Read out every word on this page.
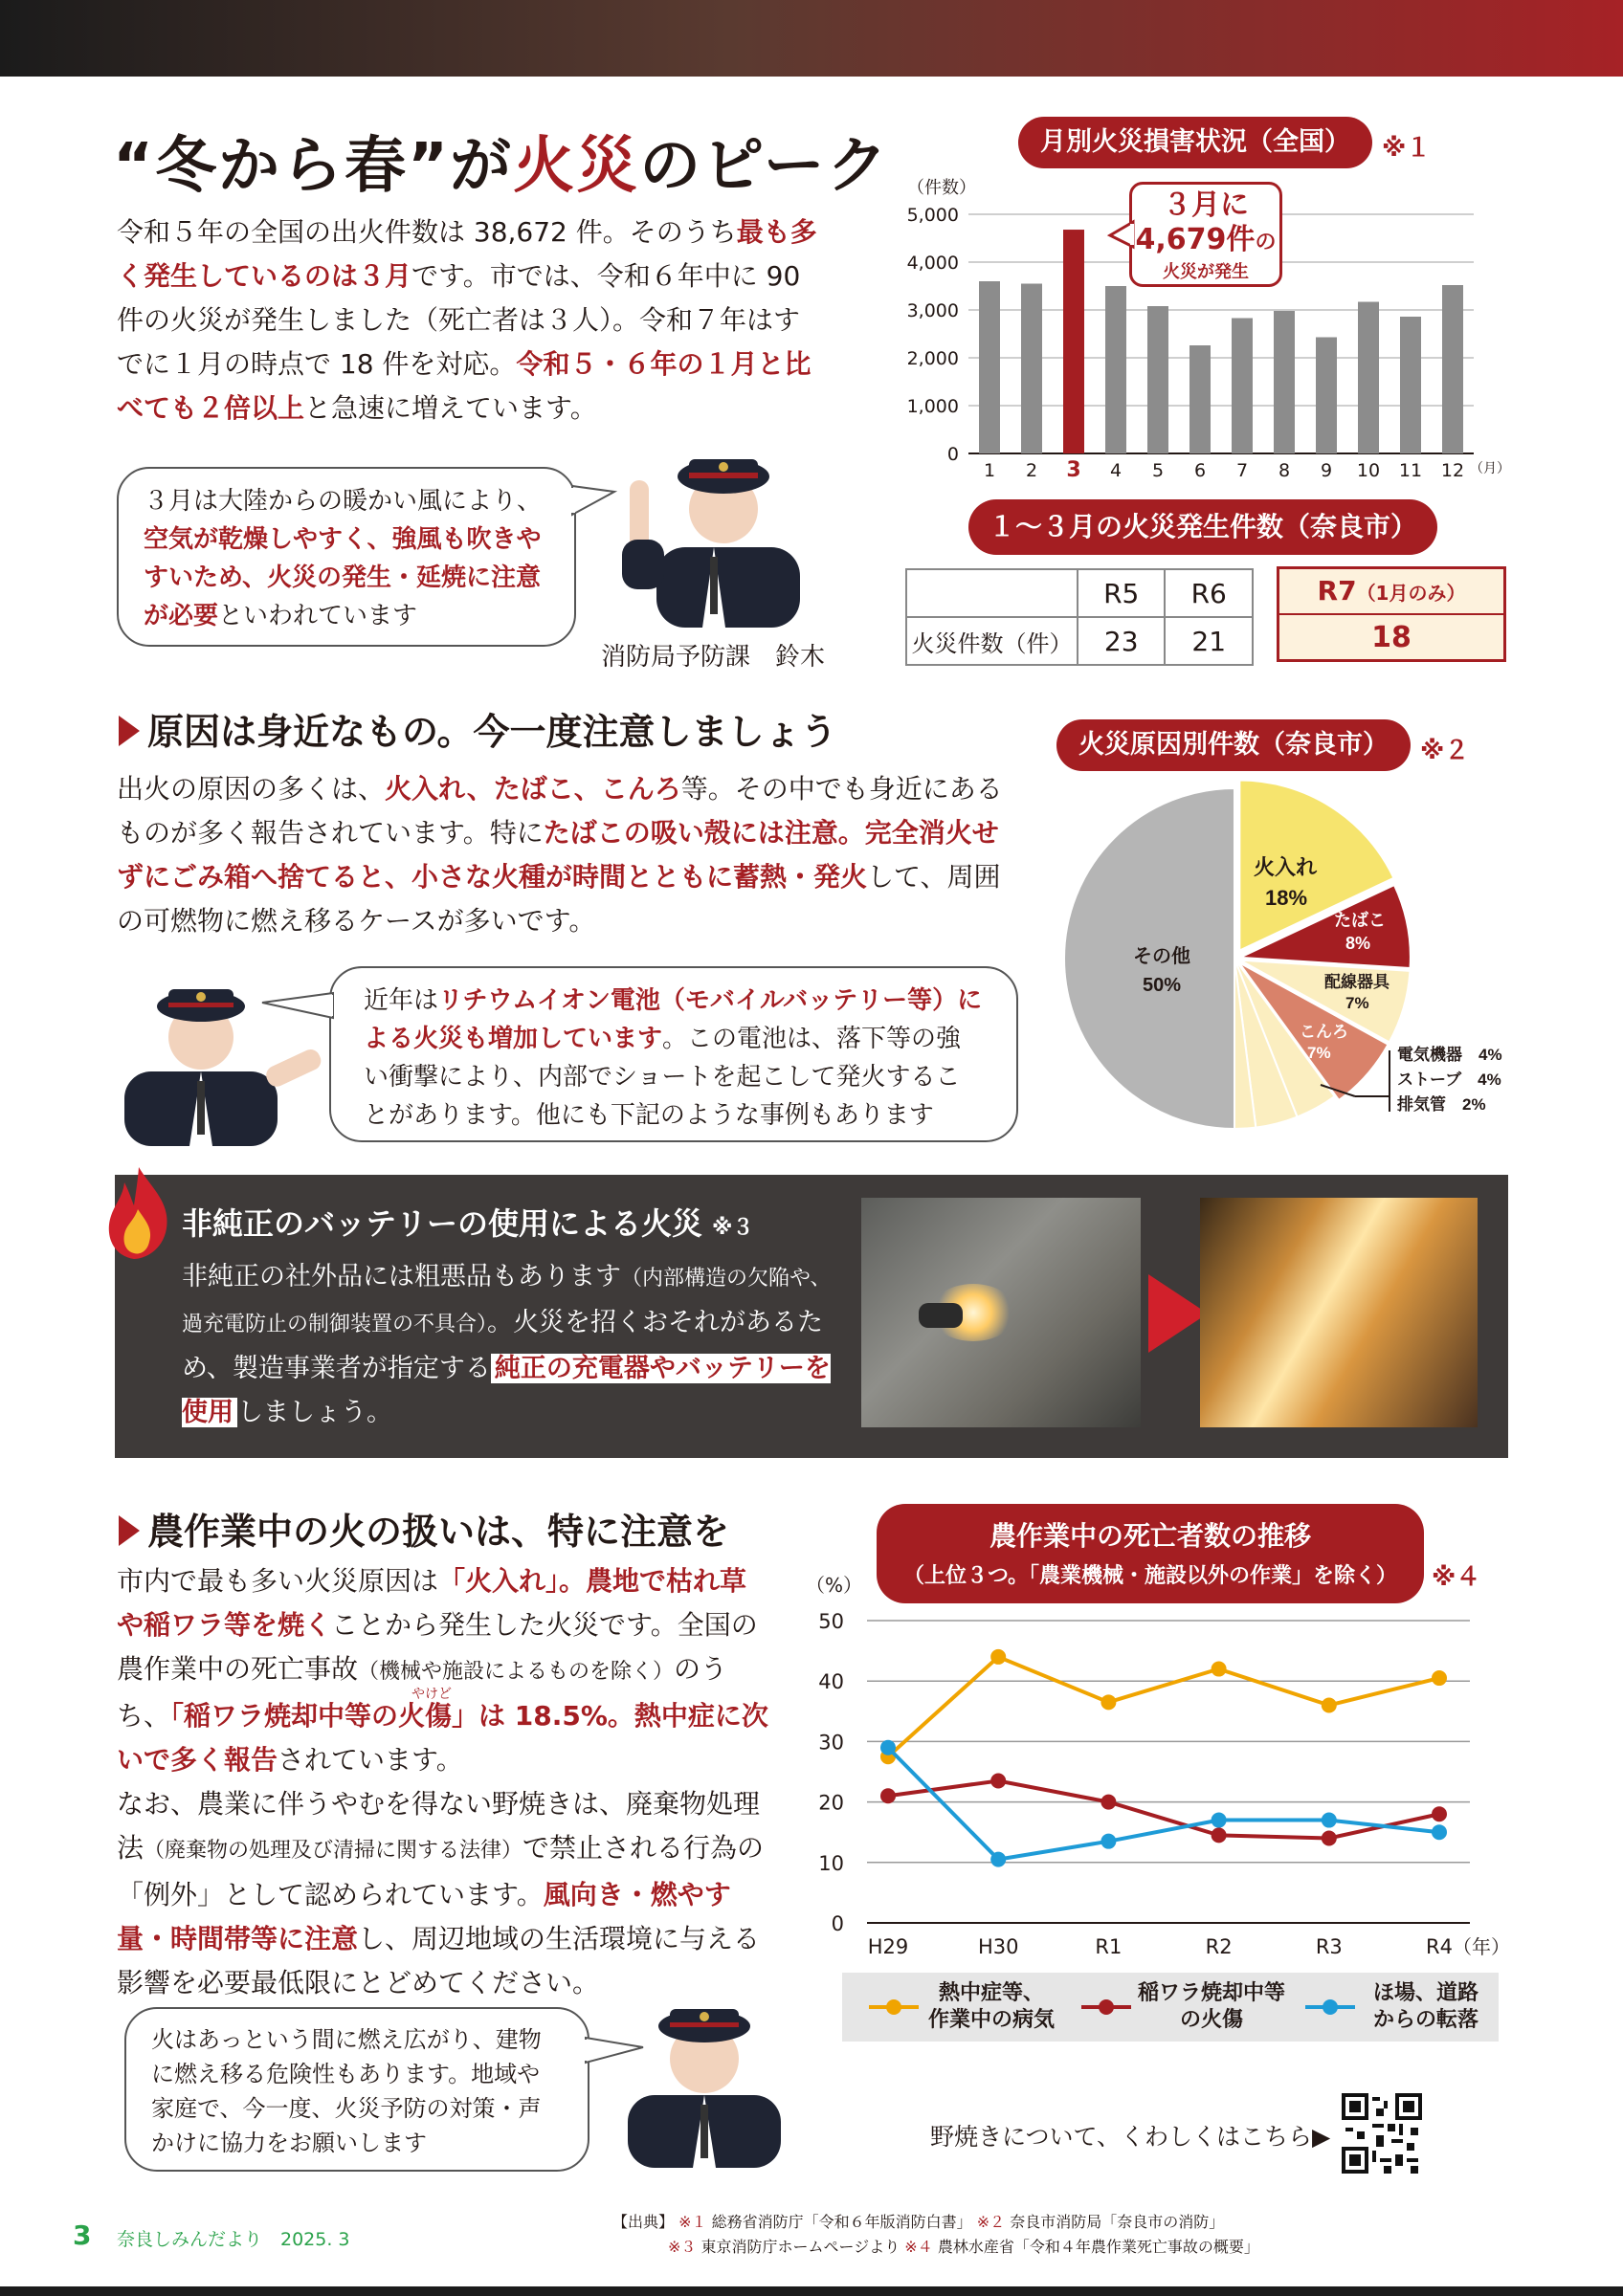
“冬から春”が火災のピーク
令和５年の全国の出火件数は 38,672 件。そのうち最も多く発生しているのは３月です。市では、令和６年中に 90 件の火災が発生しました（死亡者は３人）。令和７年はすでに１月の時点で 18 件を対応。令和５・６年の１月と比べても２倍以上と急速に増えています。
３月は大陸からの暖かい風により、空気が乾燥しやすく、強風も吹きやすいため、火災の発生・延焼に注意が必要といわれています
消防局予防課　鈴木
月別火災損害状況（全国）	※１
（件数）
0
1,000
2,000
3,000
4,000
5,000
1 2 3 4 5 6 7 8 9 10 11 12 （月）
３月に
4,679件の
火災が発生
１～３月の火災発生件数（奈良市）
	R5	R6
火災件数（件）	23	21
R7（1月のみ）
18
原因は身近なもの。今一度注意しましょう
出火の原因の多くは、火入れ、たばこ、こんろ等。その中でも身近にあるものが多く報告されています。特にたばこの吸い殻には注意。完全消火せずにごみ箱へ捨てると、小さな火種が時間とともに蓄熱・発火して、周囲の可燃物に燃え移るケースが多いです。
近年はリチウムイオン電池（モバイルバッテリー等）による火災も増加しています。この電池は、落下等の強い衝撃により、内部でショートを起こして発火することがあります。他にも下記のような事例もあります
火災原因別件数（奈良市）	※２
火入れ
18%
たばこ
8%
配線器具
7%
こんろ
7%
その他
50%
電気機器　4%
ストーブ　4%
排気管　2%
非純正のバッテリーの使用による火災 ※３
非純正の社外品には粗悪品もあります（内部構造の欠陥や、過充電防止の制御装置の不具合）。火災を招くおそれがあるため、製造事業者が指定する 純正の充電器やバッテリーを使用 しましょう。
農作業中の火の扱いは、特に注意を
市内で最も多い火災原因は「火入れ」。農地で枯れ草や稲ワラ等を焼くことから発生した火災です。全国の農作業中の死亡事故（機械や施設によるものを除く）のうち、「稲ワラ焼却中等の火傷」は 18.5%。熱中症に次いで多く報告されています。
なお、農業に伴うやむを得ない野焼きは、廃棄物処理法（廃棄物の処理及び清掃に関する法律）で禁止される行為の「例外」として認められています。風向き・燃やす量・時間帯等に注意し、周辺地域の生活環境に与える影響を必要最低限にとどめてください。
やけど
火はあっという間に燃え広がり、建物に燃え移る危険性もあります。地域や家庭で、今一度、火災予防の対策・声かけに協力をお願いします
農作業中の死亡者数の推移
（上位３つ。「農業機械・施設以外の作業」を除く）	※４
（%）
0
10
20
30
40
50
H29	H30	R1	R2	R3	R4 （年）
熱中症等、
作業中の病気
稲ワラ焼却中等
の火傷
ほ場、道路
からの転落
野焼きについて、くわしくはこちら▶
3 奈良しみんだより　2025. 3
【出典】 ※１ 総務省消防庁「令和６年版消防白書」 ※２ 奈良市消防局「奈良市の消防」
※３ 東京消防庁ホームページより ※４ 農林水産省「令和４年農作業死亡事故の概要」
